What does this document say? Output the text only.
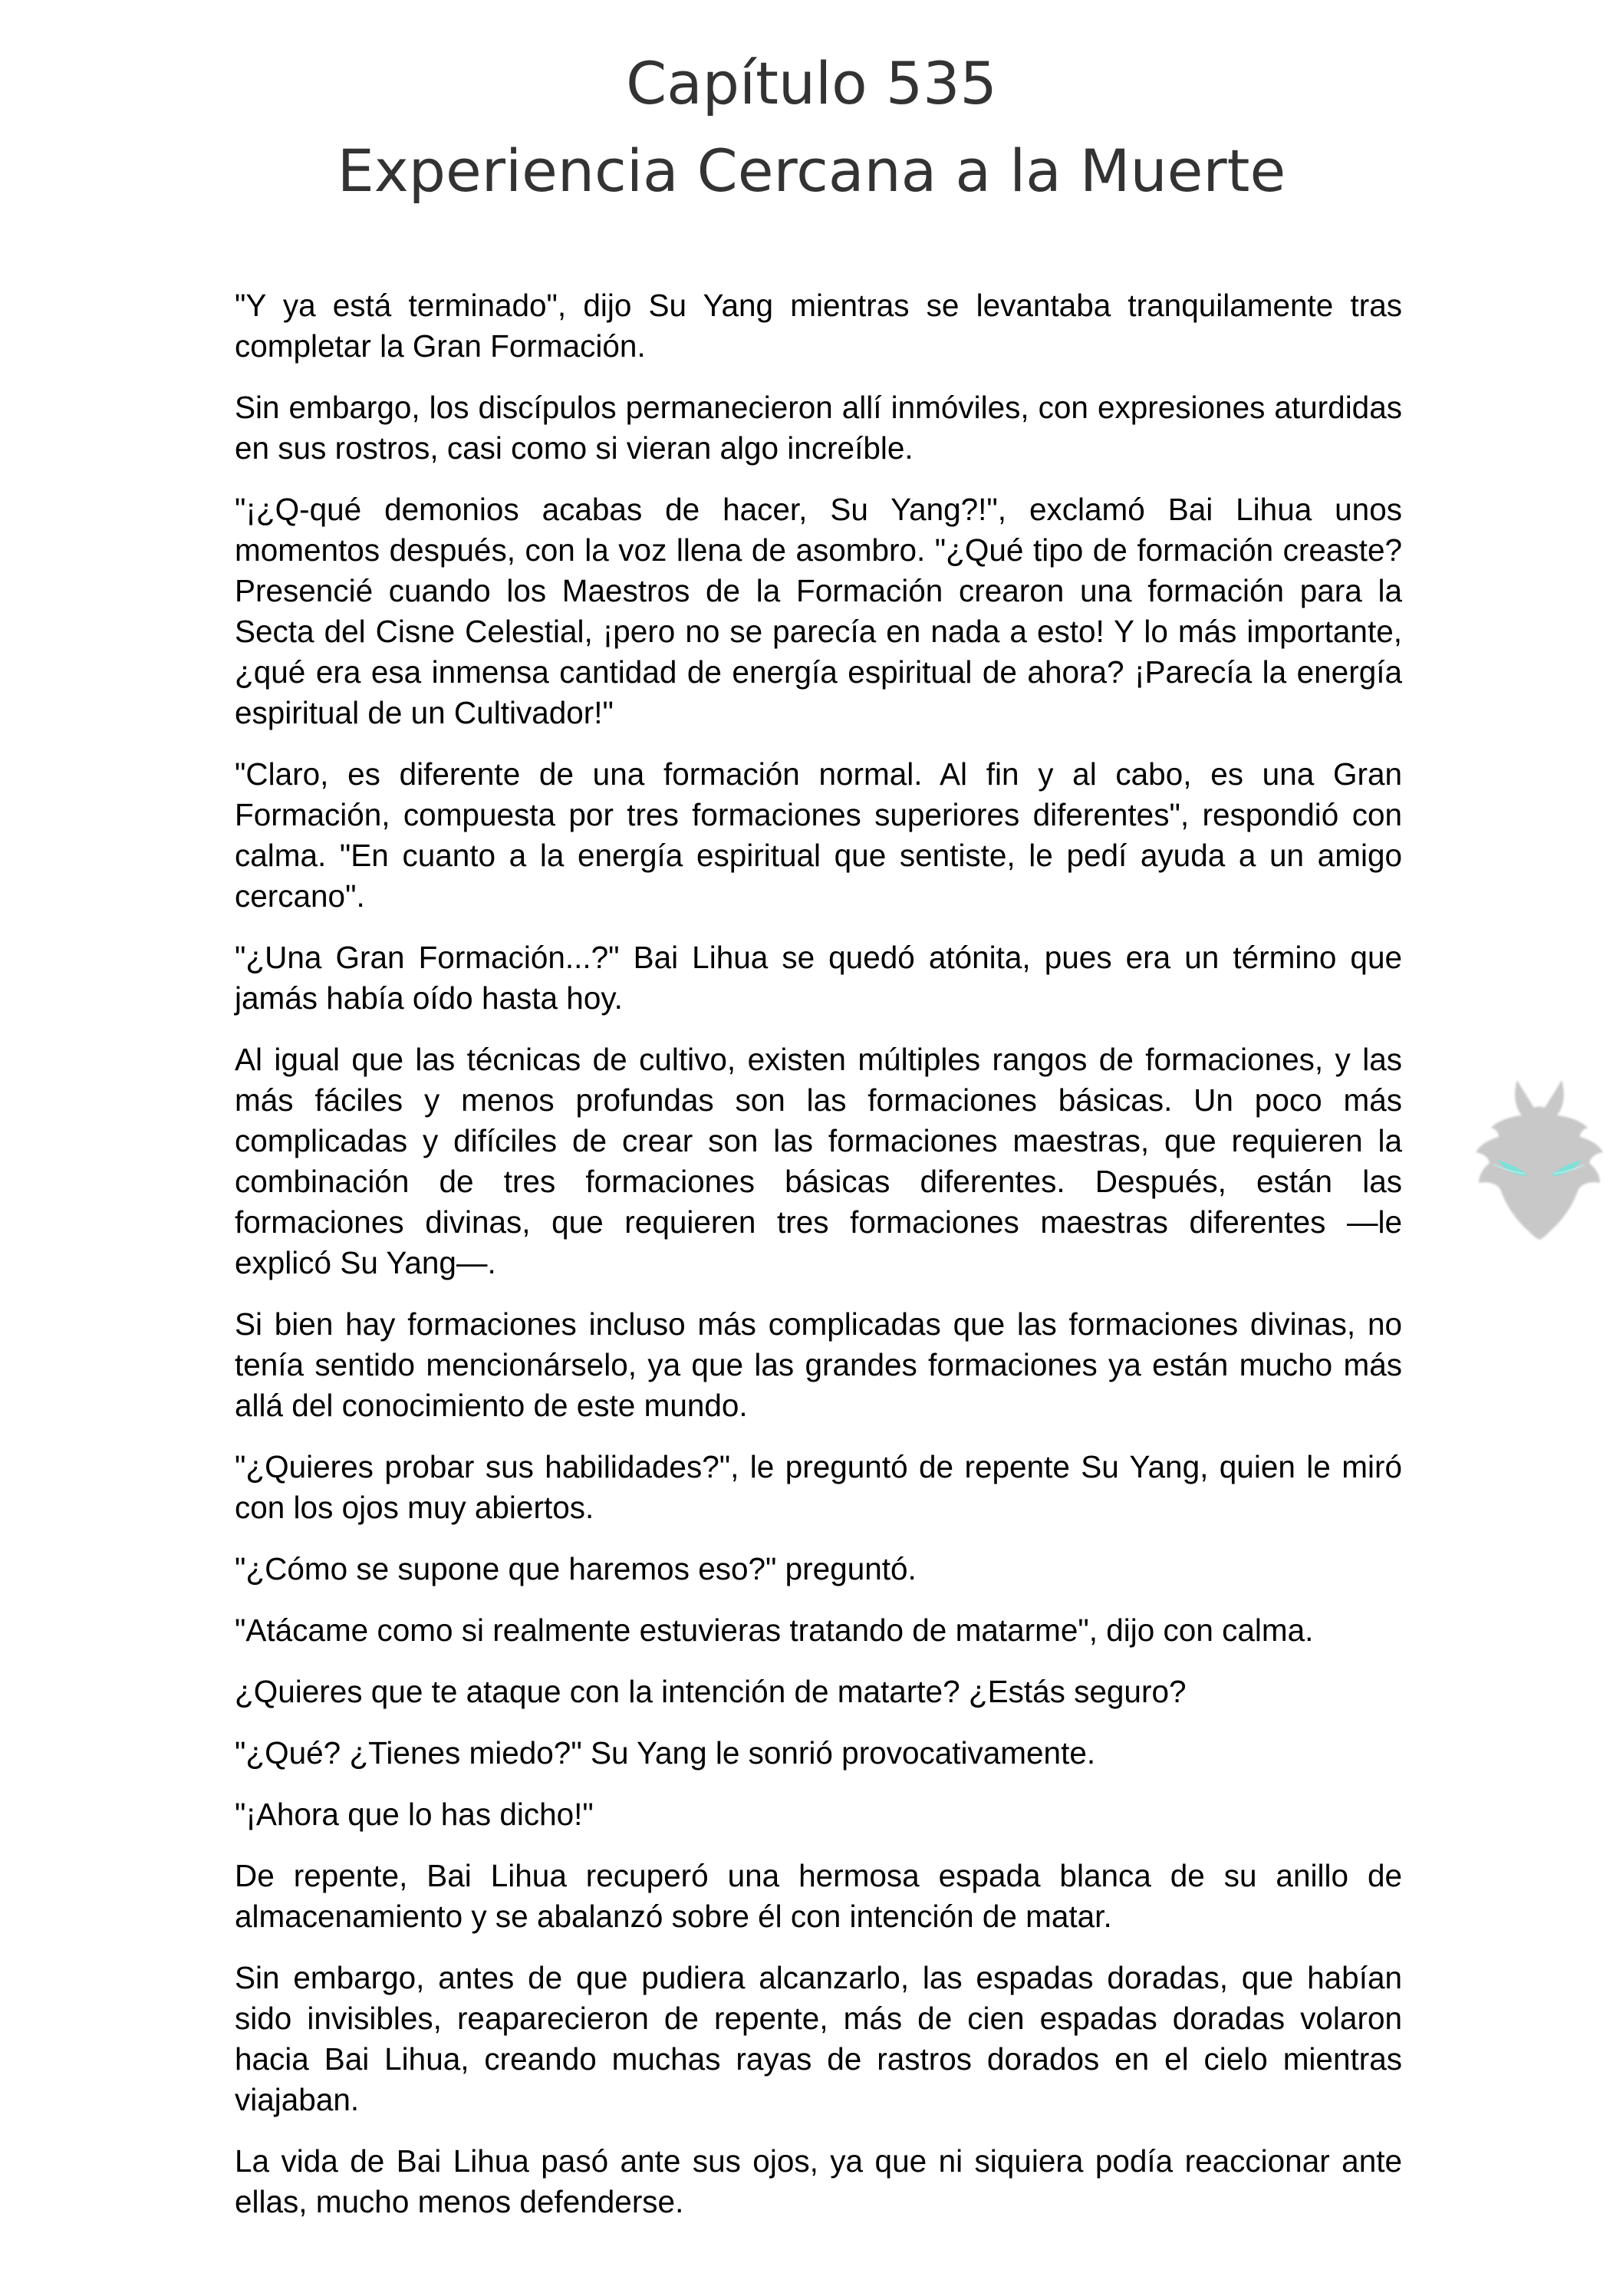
Capítulo 535
Experiencia Cercana a la Muerte

"Y ya está terminado", dijo Su Yang mientras se levantaba tranquilamente tras completar la Gran Formación.

Sin embargo, los discípulos permanecieron allí inmóviles, con expresiones aturdidas en sus rostros, casi como si vieran algo increíble.

"¡¿Q-qué demonios acabas de hacer, Su Yang?!", exclamó Bai Lihua unos momentos después, con la voz llena de asombro. "¿Qué tipo de formación creaste? Presencié cuando los Maestros de la Formación crearon una formación para la Secta del Cisne Celestial, ¡pero no se parecía en nada a esto! Y lo más importante, ¿qué era esa inmensa cantidad de energía espiritual de ahora? ¡Parecía la energía espiritual de un Cultivador!"

"Claro, es diferente de una formación normal. Al fin y al cabo, es una Gran Formación, compuesta por tres formaciones superiores diferentes", respondió con calma. "En cuanto a la energía espiritual que sentiste, le pedí ayuda a un amigo cercano".

"¿Una Gran Formación...?" Bai Lihua se quedó atónita, pues era un término que jamás había oído hasta hoy.

Al igual que las técnicas de cultivo, existen múltiples rangos de formaciones, y las más fáciles y menos profundas son las formaciones básicas. Un poco más complicadas y difíciles de crear son las formaciones maestras, que requieren la combinación de tres formaciones básicas diferentes. Después, están las formaciones divinas, que requieren tres formaciones maestras diferentes —le explicó Su Yang—.

Si bien hay formaciones incluso más complicadas que las formaciones divinas, no tenía sentido mencionárselo, ya que las grandes formaciones ya están mucho más allá del conocimiento de este mundo.

"¿Quieres probar sus habilidades?", le preguntó de repente Su Yang, quien le miró con los ojos muy abiertos.

"¿Cómo se supone que haremos eso?" preguntó.

"Atácame como si realmente estuvieras tratando de matarme", dijo con calma.

¿Quieres que te ataque con la intención de matarte? ¿Estás seguro?

"¿Qué? ¿Tienes miedo?" Su Yang le sonrió provocativamente.

"¡Ahora que lo has dicho!"

De repente, Bai Lihua recuperó una hermosa espada blanca de su anillo de almacenamiento y se abalanzó sobre él con intención de matar.

Sin embargo, antes de que pudiera alcanzarlo, las espadas doradas, que habían sido invisibles, reaparecieron de repente, más de cien espadas doradas volaron hacia Bai Lihua, creando muchas rayas de rastros dorados en el cielo mientras viajaban.

La vida de Bai Lihua pasó ante sus ojos, ya que ni siquiera podía reaccionar ante ellas, mucho menos defenderse.
